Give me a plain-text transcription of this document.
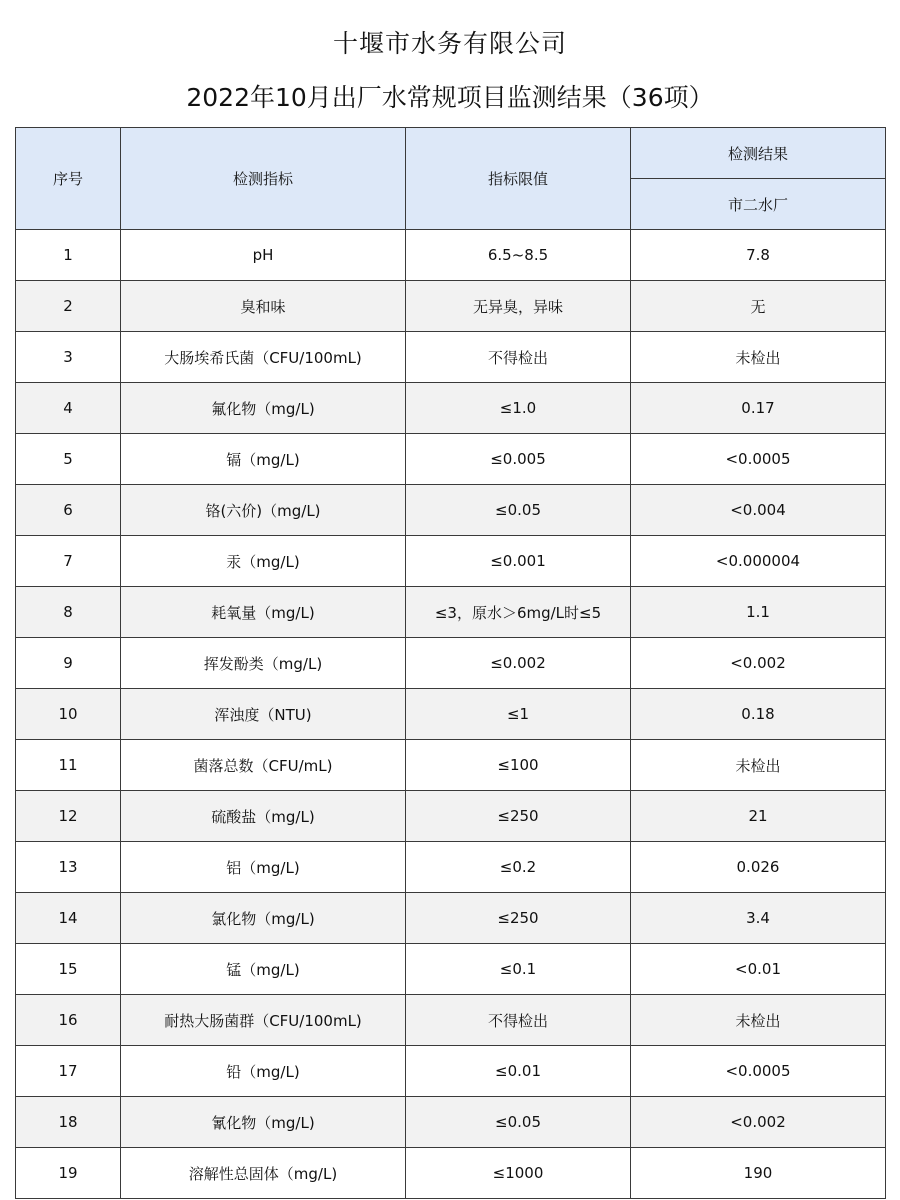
十堰市水务有限公司
2022年10月出厂水常规项目监测结果（36项）
序号	检测指标	指标限值	检测结果
			市二水厂
1	pH	6.5~8.5	7.8
2	臭和味	无异臭，异味	无
3	大肠埃希氏菌（CFU/100mL)	不得检出	未检出
4	氟化物（mg/L)	≤1.0	0.17
5	镉（mg/L)	≤0.005	<0.0005
6	铬(六价)（mg/L)	≤0.05	<0.004
7	汞（mg/L)	≤0.001	<0.000004
8	耗氧量（mg/L)	≤3，原水＞6mg/L时≤5	1.1
9	挥发酚类（mg/L)	≤0.002	<0.002
10	浑浊度（NTU)	≤1	0.18
11	菌落总数（CFU/mL)	≤100	未检出
12	硫酸盐（mg/L)	≤250	21
13	铝（mg/L)	≤0.2	0.026
14	氯化物（mg/L)	≤250	3.4
15	锰（mg/L)	≤0.1	<0.01
16	耐热大肠菌群（CFU/100mL)	不得检出	未检出
17	铅（mg/L)	≤0.01	<0.0005
18	氰化物（mg/L)	≤0.05	<0.002
19	溶解性总固体（mg/L)	≤1000	190
